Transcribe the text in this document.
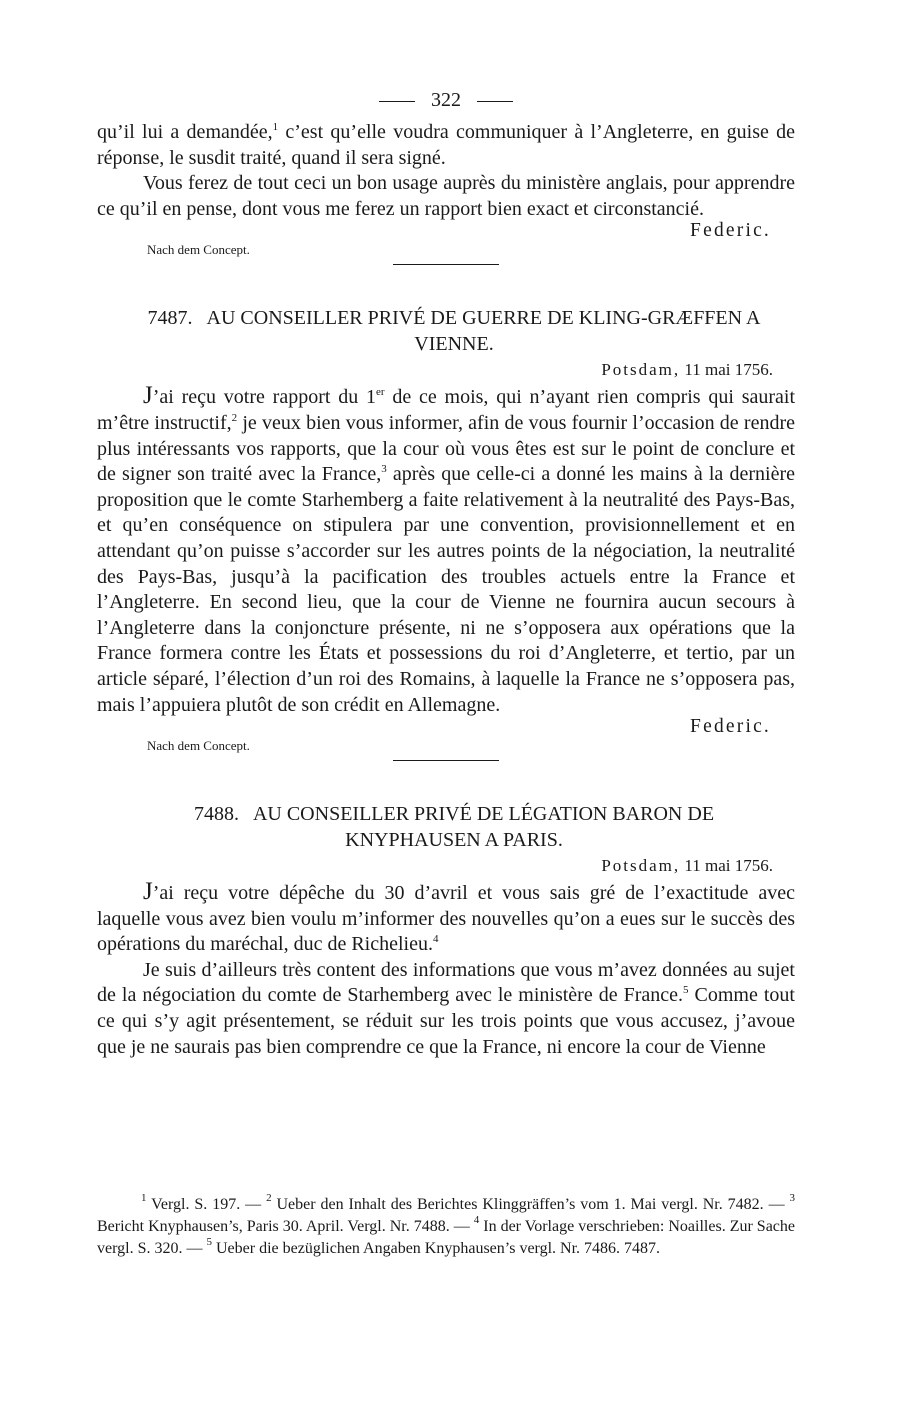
322

qu’il lui a demandée,$^1$ c’est qu’elle voudra communiquer à l’Angleterre, en guise de réponse, le susdit traité, quand il sera signé.

Vous ferez de tout ceci un bon usage auprès du ministère anglais, pour apprendre ce qu’il en pense, dont vous me ferez un rapport bien exact et circonstancié.

Federic.
Nach dem Concept.
7487. AU CONSEILLER PRIVÉ DE GUERRE DE KLING-GRÆFFEN A VIENNE.
Potsdam, 11 mai 1756.

J’ai reçu votre rapport du 1er de ce mois, qui n’ayant rien compris qui saurait m’être instructif,$^2$ je veux bien vous informer, afin de vous fournir l’occasion de rendre plus intéressants vos rapports, que la cour où vous êtes est sur le point de conclure et de signer son traité avec la France,$^3$ après que celle-ci a donné les mains à la dernière proposition que le comte Starhemberg a faite relativement à la neutralité des Pays-Bas, et qu’en conséquence on stipulera par une convention, provisionnellement et en attendant qu’on puisse s’accorder sur les autres points de la négociation, la neutralité des Pays-Bas, jusqu’à la pacification des troubles actuels entre la France et l’Angleterre. En second lieu, que la cour de Vienne ne fournira aucun secours à l’Angleterre dans la conjoncture présente, ni ne s’opposera aux opérations que la France formera contre les États et possessions du roi d’Angleterre, et tertio, par un article séparé, l’élection d’un roi des Romains, à laquelle la France ne s’opposera pas, mais l’appuiera plutôt de son crédit en Allemagne.

Federic.
Nach dem Concept.
7488. AU CONSEILLER PRIVÉ DE LÉGATION BARON DE KNYPHAUSEN A PARIS.
Potsdam, 11 mai 1756.

J’ai reçu votre dépêche du 30 d’avril et vous sais gré de l’exactitude avec laquelle vous avez bien voulu m’informer des nouvelles qu’on a eues sur le succès des opérations du maréchal, duc de Richelieu.$^4$

Je suis d’ailleurs très content des informations que vous m’avez données au sujet de la négociation du comte de Starhemberg avec le ministère de France.$^5$ Comme tout ce qui s’y agit présentement, se réduit sur les trois points que vous accusez, j’avoue que je ne saurais pas bien comprendre ce que la France, ni encore la cour de Vienne

$^1$ Vergl. S. 197. — $^2$ Ueber den Inhalt des Berichtes Klinggräffen’s vom 1. Mai vergl. Nr. 7482. — $^3$ Bericht Knyphausen’s, Paris 30. April. Vergl. Nr. 7488. — $^4$ In der Vorlage verschrieben: Noailles. Zur Sache vergl. S. 320. — $^5$ Ueber die bezüglichen Angaben Knyphausen’s vergl. Nr. 7486. 7487.
